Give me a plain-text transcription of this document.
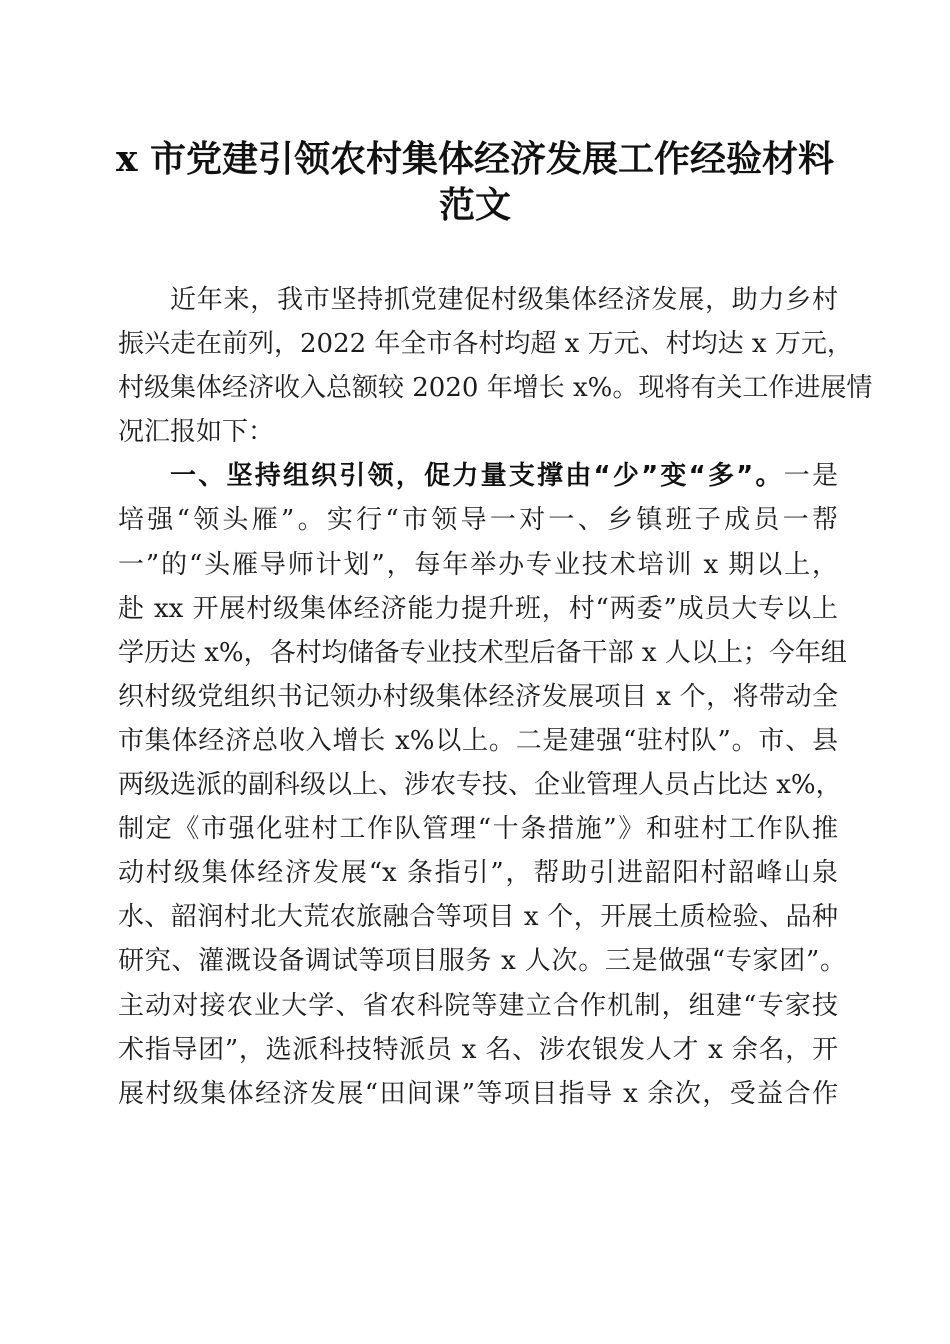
x 市党建引领农村集体经济发展工作经验材料
范文
近年来，我市坚持抓党建促村级集体经济发展，助力乡村
振兴走在前列，2022 年全市各村均超 x 万元、村均达 x 万元，
村级集体经济收入总额较 2020 年增长 x%。现将有关工作进展情
况汇报如下：
一、坚持组织引领，促力量支撑由“少”变“多”。一是
培强“领头雁”。实行“市领导一对一、乡镇班子成员一帮
一”的“头雁导师计划”，每年举办专业技术培训 x 期以上，
赴 xx 开展村级集体经济能力提升班，村“两委”成员大专以上
学历达 x%，各村均储备专业技术型后备干部 x 人以上；今年组
织村级党组织书记领办村级集体经济发展项目 x 个，将带动全
市集体经济总收入增长 x%以上。二是建强“驻村队”。市、县
两级选派的副科级以上、涉农专技、企业管理人员占比达 x%，
制定《市强化驻村工作队管理“十条措施”》和驻村工作队推
动村级集体经济发展“x 条指引”，帮助引进韶阳村韶峰山泉
水、韶润村北大荒农旅融合等项目 x 个，开展土质检验、品种
研究、灌溉设备调试等项目服务 x 人次。三是做强“专家团”。
主动对接农业大学、省农科院等建立合作机制，组建“专家技
术指导团”，选派科技特派员 x 名、涉农银发人才 x 余名，开
展村级集体经济发展“田间课”等项目指导 x 余次，受益合作
